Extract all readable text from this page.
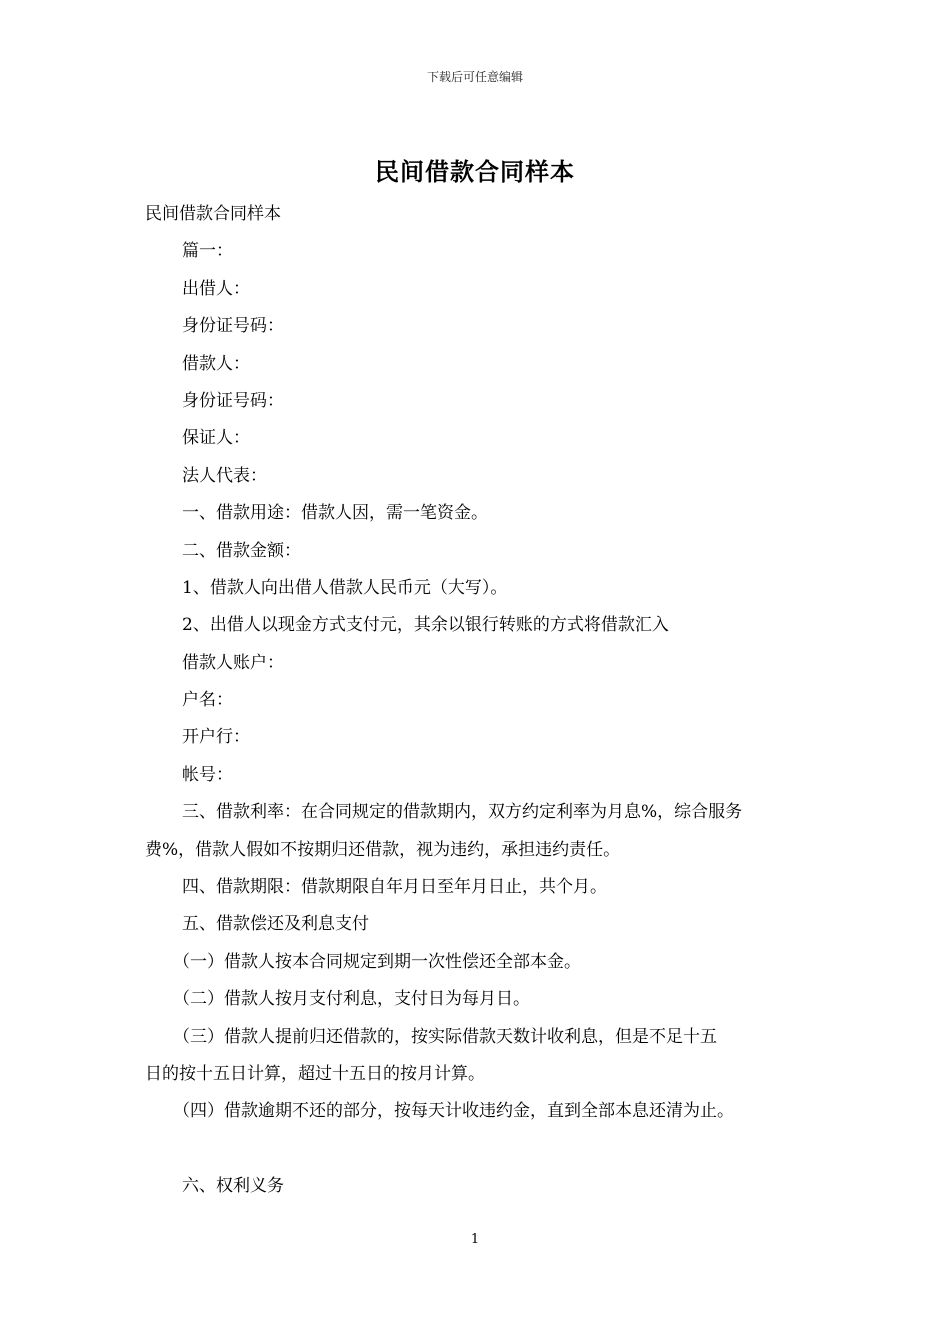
下载后可任意编辑
民间借款合同样本
民间借款合同样本
篇一：
出借人：
身份证号码：
借款人：
身份证号码：
保证人：
法人代表：
一、借款用途：借款人因，需一笔资金。
二、借款金额：
1、借款人向出借人借款人民币元（大写）。
2、出借人以现金方式支付元，其余以银行转账的方式将借款汇入
借款人账户：
户名：
开户行：
帐号：
三、借款利率：在合同规定的借款期内，双方约定利率为月息%，综合服务
费%，借款人假如不按期归还借款，视为违约，承担违约责任。
四、借款期限：借款期限自年月日至年月日止，共个月。
五、借款偿还及利息支付
（一）借款人按本合同规定到期一次性偿还全部本金。
（二）借款人按月支付利息，支付日为每月日。
（三）借款人提前归还借款的，按实际借款天数计收利息，但是不足十五
日的按十五日计算，超过十五日的按月计算。
（四）借款逾期不还的部分，按每天计收违约金，直到全部本息还清为止。
六、权利义务
1
